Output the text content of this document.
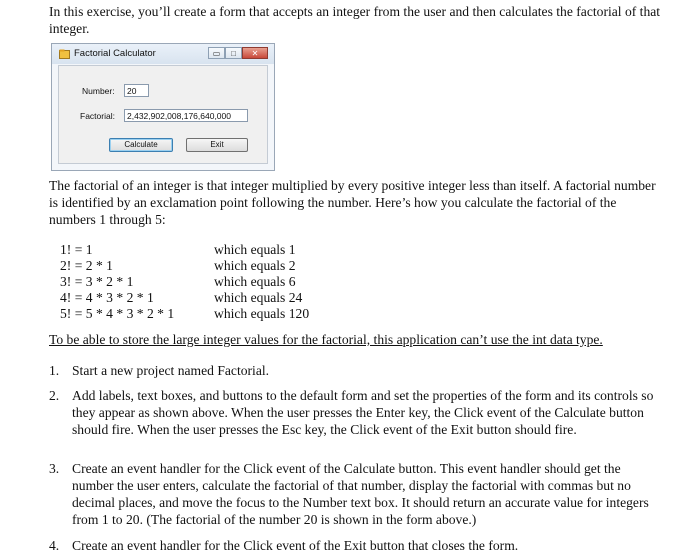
In this exercise, you’ll create a form that accepts an integer from the user and then calculates the factorial of that integer.

Factorial Calculator	▭	□	✕
Number:	20
Factorial:	2,432,902,008,176,640,000
Calculate	Exit

The factorial of an integer is that integer multiplied by every positive integer less than itself. A factorial number is identified by an exclamation point following the number. Here’s how you calculate the factorial of the numbers 1 through 5:

1! = 1	which equals 1
2! = 2 * 1	which equals 2
3! = 3 * 2 * 1	which equals 6
4! = 4 * 3 * 2 * 1	which equals 24
5! = 5 * 4 * 3 * 2 * 1	which equals 120

To be able to store the large integer values for the factorial, this application can’t use the int data type.

1. Start a new project named Factorial.
2. Add labels, text boxes, and buttons to the default form and set the properties of the form and its controls so they appear as shown above. When the user presses the Enter key, the Click event of the Calculate button should fire. When the user presses the Esc key, the Click event of the Exit button should fire.
3. Create an event handler for the Click event of the Calculate button. This event handler should get the number the user enters, calculate the factorial of that number, display the factorial with commas but no decimal places, and move the focus to the Number text box. It should return an accurate value for integers from 1 to 20. (The factorial of the number 20 is shown in the form above.)
4. Create an event handler for the Click event of the Exit button that closes the form.
